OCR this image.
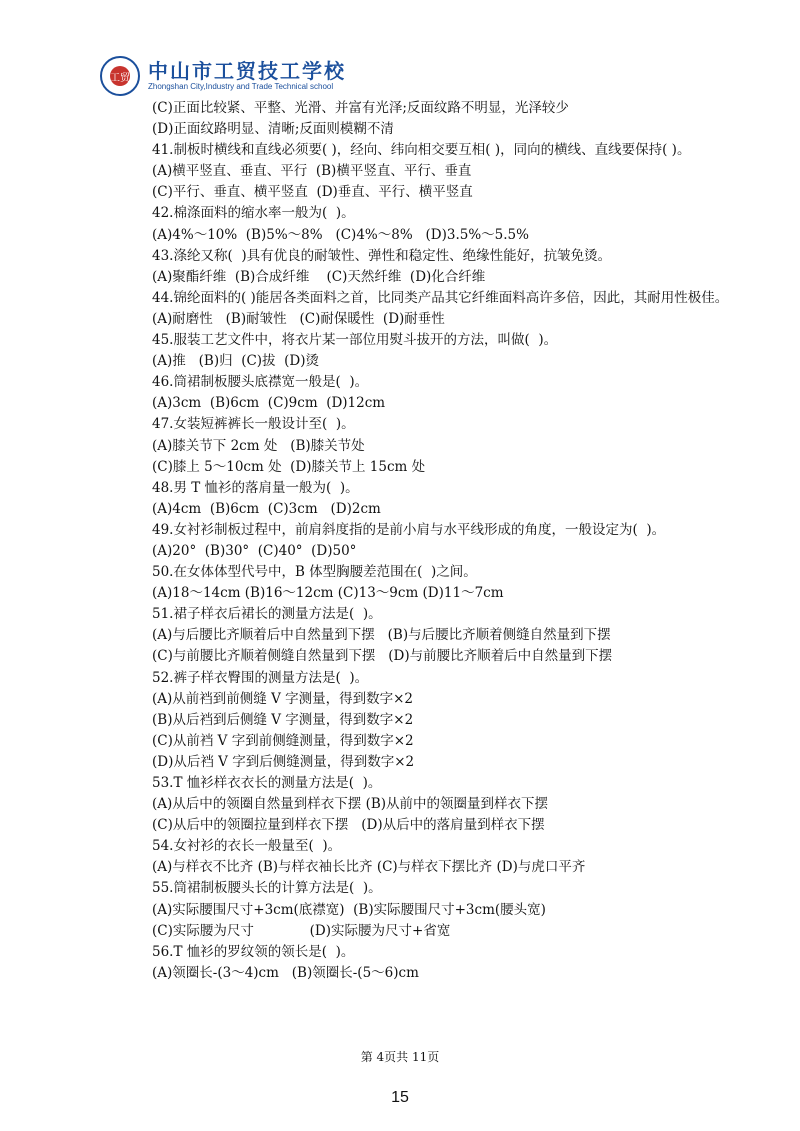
工贸 中山市工贸技工学校
Zhongshan City,Industry and Trade Technical school
(C)正面比较紧、平整、光滑、并富有光泽;反面纹路不明显，光泽较少
(D)正面纹路明显、清晰;反面则模糊不清
41.制板时横线和直线必须要( )，经向、纬向相交要互相( )，同向的横线、直线要保持( )。
(A)横平竖直、垂直、平行  (B)横平竖直、平行、垂直
(C)平行、垂直、横平竖直  (D)垂直、平行、横平竖直
42.棉涤面料的缩水率一般为(  )。
(A)4%～10%  (B)5%～8%   (C)4%～8%   (D)3.5%～5.5%
43.涤纶又称(  )具有优良的耐皱性、弹性和稳定性、绝缘性能好，抗皱免烫。
(A)聚酯纤维  (B)合成纤维    (C)天然纤维  (D)化合纤维
44.锦纶面料的( )能居各类面料之首，比同类产品其它纤维面料高许多倍，因此，其耐用性极佳。
(A)耐磨性   (B)耐皱性   (C)耐保暖性  (D)耐垂性
45.服装工艺文件中，将衣片某一部位用熨斗拔开的方法，叫做(  )。
(A)推   (B)归  (C)拔  (D)烫
46.筒裙制板腰头底襟宽一般是(  )。
(A)3cm  (B)6cm  (C)9cm  (D)12cm
47.女装短裤裤长一般设计至(  )。
(A)膝关节下 2cm 处   (B)膝关节处
(C)膝上 5～10cm 处  (D)膝关节上 15cm 处
48.男 T 恤衫的落肩量一般为(  )。
(A)4cm  (B)6cm  (C)3cm   (D)2cm
49.女衬衫制板过程中，前肩斜度指的是前小肩与水平线形成的角度，一般设定为(  )。
(A)20°  (B)30°  (C)40°  (D)50°
50.在女体体型代号中，B 体型胸腰差范围在(  )之间。
(A)18～14cm (B)16～12cm (C)13～9cm (D)11～7cm
51.裙子样衣后裙长的测量方法是(  )。
(A)与后腰比齐顺着后中自然量到下摆   (B)与后腰比齐顺着侧缝自然量到下摆
(C)与前腰比齐顺着侧缝自然量到下摆   (D)与前腰比齐顺着后中自然量到下摆
52.裤子样衣臀围的测量方法是(  )。
(A)从前裆到前侧缝 V 字测量，得到数字×2
(B)从后裆到后侧缝 V 字测量，得到数字×2
(C)从前裆 V 字到前侧缝测量，得到数字×2
(D)从后裆 V 字到后侧缝测量，得到数字×2
53.T 恤衫样衣衣长的测量方法是(  )。
(A)从后中的领圈自然量到样衣下摆 (B)从前中的领圈量到样衣下摆
(C)从后中的领圈拉量到样衣下摆   (D)从后中的落肩量到样衣下摆
54.女衬衫的衣长一般量至(  )。
(A)与样衣不比齐 (B)与样衣袖长比齐 (C)与样衣下摆比齐 (D)与虎口平齐
55.筒裙制板腰头长的计算方法是(  )。
(A)实际腰围尺寸+3cm(底襟宽)  (B)实际腰围尺寸+3cm(腰头宽)
(C)实际腰为尺寸             (D)实际腰为尺寸+省宽
56.T 恤衫的罗纹领的领长是(  )。
(A)领圈长-(3～4)cm   (B)领圈长-(5～6)cm
第 4页共 11页
15
